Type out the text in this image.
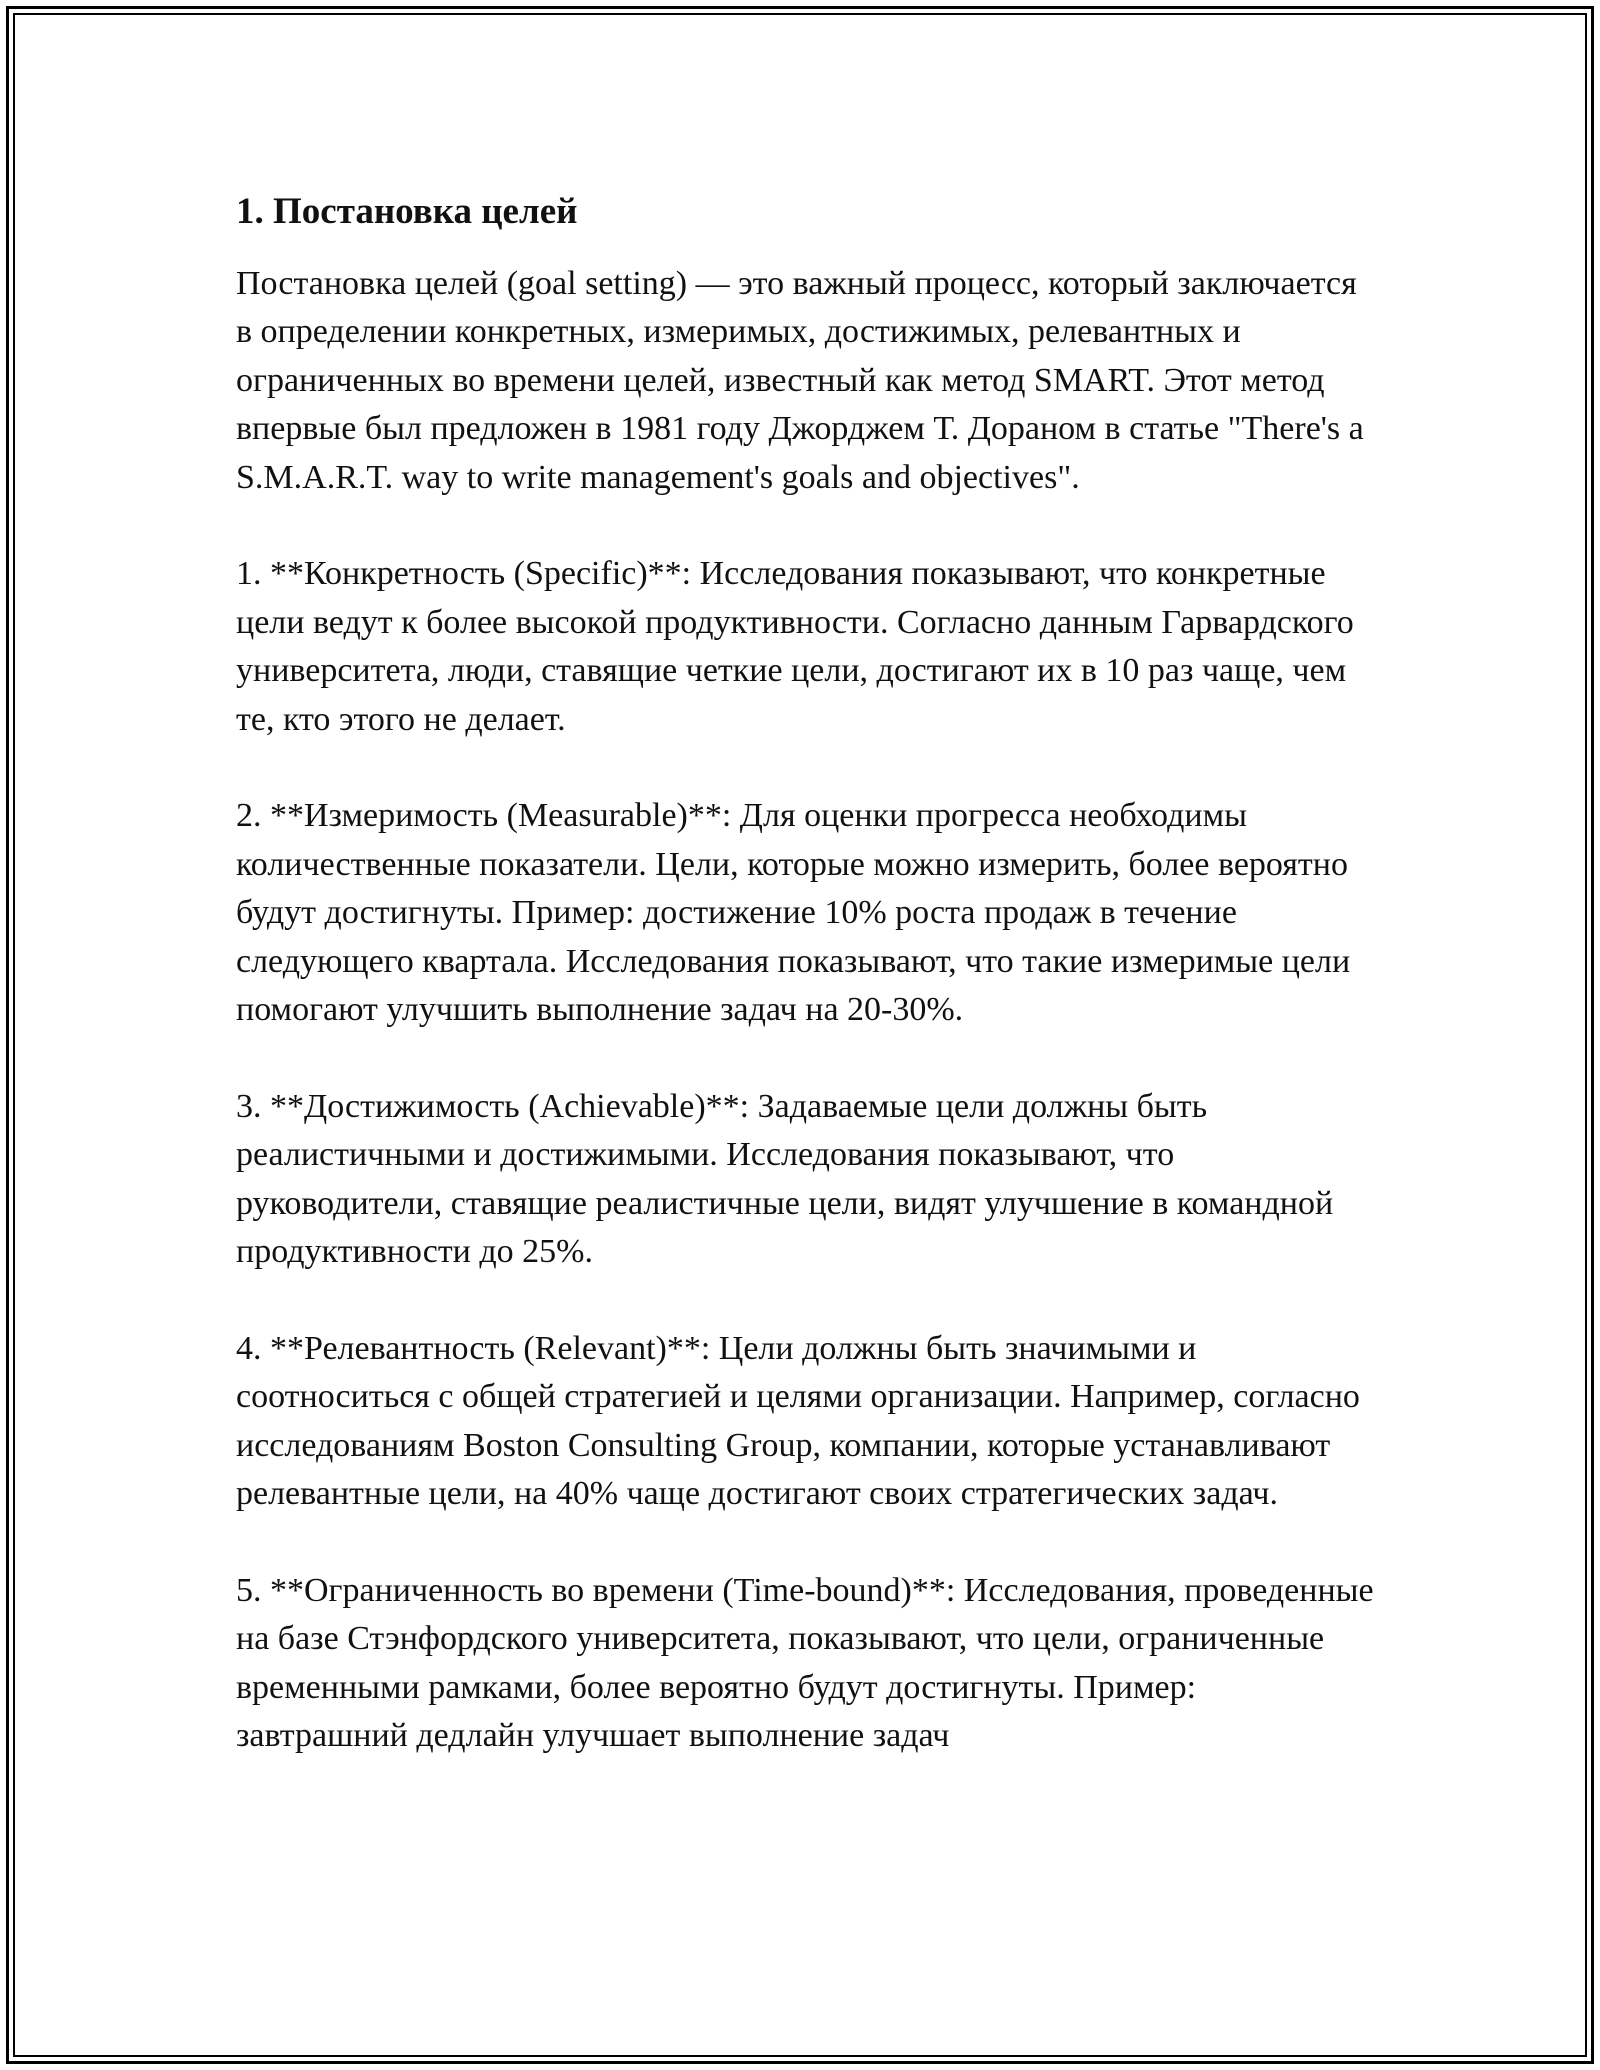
1. Постановка целей

Постановка целей (goal setting) — это важный процесс, который заключается в определении конкретных, измеримых, достижимых, релевантных и ограниченных во времени целей, известный как метод SMART. Этот метод впервые был предложен в 1981 году Джорджем Т. Дораном в статье "There's a S.M.A.R.T. way to write management's goals and objectives".

1. **Конкретность (Specific)**: Исследования показывают, что конкретные цели ведут к более высокой продуктивности. Согласно данным Гарвардского университета, люди, ставящие четкие цели, достигают их в 10 раз чаще, чем те, кто этого не делает.

2. **Измеримость (Measurable)**: Для оценки прогресса необходимы количественные показатели. Цели, которые можно измерить, более вероятно будут достигнуты. Пример: достижение 10% роста продаж в течение следующего квартала. Исследования показывают, что такие измеримые цели помогают улучшить выполнение задач на 20-30%.

3. **Достижимость (Achievable)**: Задаваемые цели должны быть реалистичными и достижимыми. Исследования показывают, что руководители, ставящие реалистичные цели, видят улучшение в командной продуктивности до 25%.

4. **Релевантность (Relevant)**: Цели должны быть значимыми и соотноситься с общей стратегией и целями организации. Например, согласно исследованиям Boston Consulting Group, компании, которые устанавливают релевантные цели, на 40% чаще достигают своих стратегических задач.

5. **Ограниченность во времени (Time-bound)**: Исследования, проведенные на базе Стэнфордского университета, показывают, что цели, ограниченные временными рамками, более вероятно будут достигнуты. Пример: завтрашний дедлайн улучшает выполнение задач
